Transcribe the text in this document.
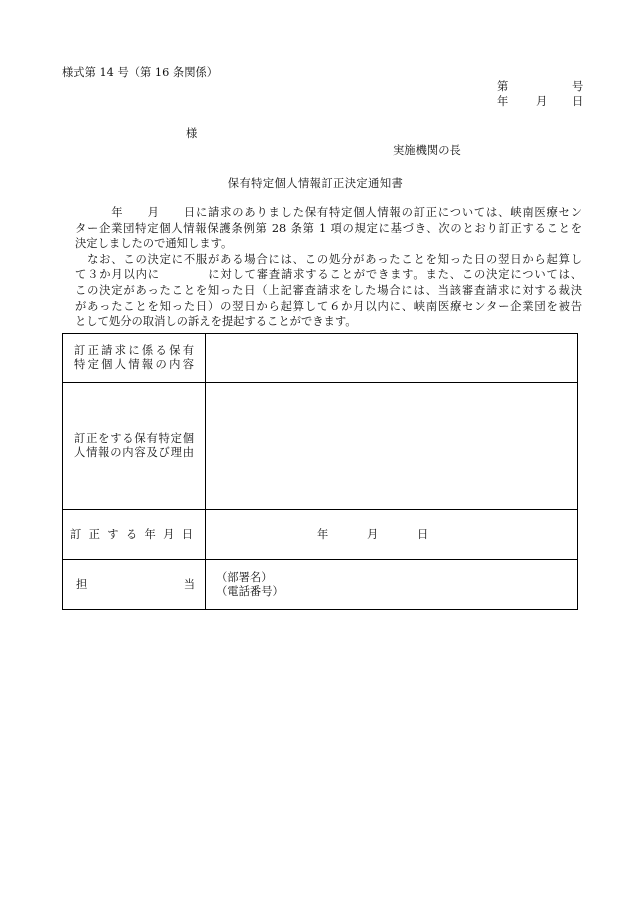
様式第 14 号（第 16 条関係）
第	号
年 月 日
様
実施機関の長
保有特定個人情報訂正決定通知書
　　　年　　月　　日に請求のありました保有特定個人情報の訂正については、峡南医療セン
ター企業団特定個人情報保護条例第 28 条第 1 項の規定に基づき、次のとおり訂正することを
決定しましたので通知します。
　なお、この決定に不服がある場合には、この処分があったことを知った日の翌日から起算し
て３か月以内に　　　　に対して審査請求することができます。また、この決定については、
この決定があったことを知った日（上記審査請求をした場合には、当該審査請求に対する裁決
があったことを知った日）の翌日から起算して６か月以内に、峡南医療センター企業団を被告
として処分の取消しの訴えを提起することができます。
訂正請求に係る保有
特定個人情報の内容
訂正をする保有特定個
人情報の内容及び理由
訂 正 す る 年 月 日	年	月	日
担	当
（部署名）
（電話番号）
